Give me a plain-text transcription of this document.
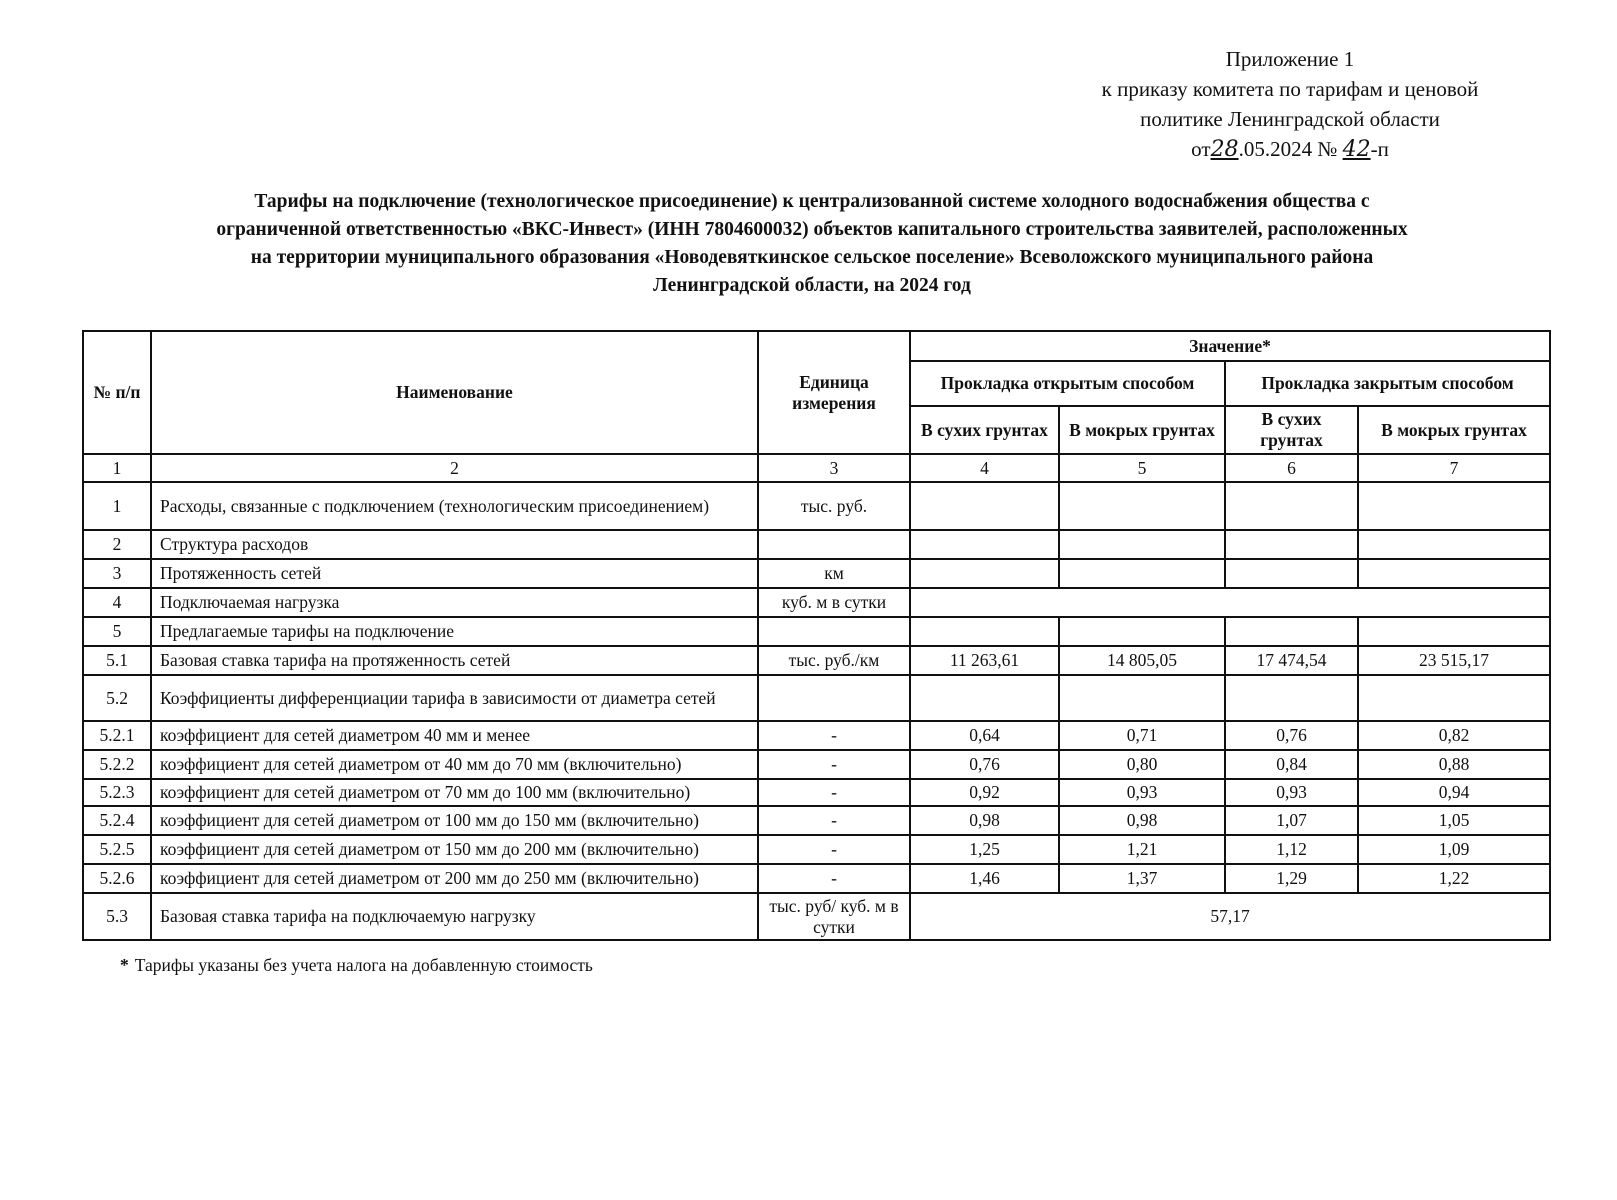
Приложение 1
к приказу комитета по тарифам и ценовой
политике Ленинградской области
от28.05.2024 № 42-п
Тарифы на подключение (технологическое присоединение) к централизованной системе холодного водоснабжения общества с
ограниченной ответственностью «ВКС-Инвест» (ИНН 7804600032) объектов капитального строительства заявителей, расположенных
на территории муниципального образования «Новодевяткинское сельское поселение» Всеволожского муниципального района
Ленинградской области, на 2024 год
№ п/п	Наименование	Единица измерения	Значение*			
			Прокладка открытым способом		Прокладка закрытым способом	
			В сухих грунтах	В мокрых грунтах	В сухих грунтах	В мокрых грунтах
1	2	3	4	5	6	7
1	Расходы, связанные с подключением (технологическим присоединением)	тыс. руб.				
2	Структура расходов					
3	Протяженность сетей	км				
4	Подключаемая нагрузка	куб. м в сутки				
5	Предлагаемые тарифы на подключение					
5.1	Базовая ставка тарифа на протяженность сетей	тыс. руб./км	11 263,61	14 805,05	17 474,54	23 515,17
5.2	Коэффициенты дифференциации тарифа в зависимости от диаметра сетей					
5.2.1	коэффициент для сетей диаметром 40 мм и менее	-	0,64	0,71	0,76	0,82
5.2.2	коэффициент для сетей диаметром от 40 мм до 70 мм (включительно)	-	0,76	0,80	0,84	0,88
5.2.3	коэффициент для сетей диаметром от 70 мм до 100 мм (включительно)	-	0,92	0,93	0,93	0,94
5.2.4	коэффициент для сетей диаметром от 100 мм до 150 мм (включительно)	-	0,98	0,98	1,07	1,05
5.2.5	коэффициент для сетей диаметром от 150 мм до 200 мм (включительно)	-	1,25	1,21	1,12	1,09
5.2.6	коэффициент для сетей диаметром от 200 мм до 250 мм (включительно)	-	1,46	1,37	1,29	1,22
5.3	Базовая ставка тарифа на подключаемую нагрузку	тыс. руб/ куб. м в сутки	57,17			
* Тарифы указаны без учета налога на добавленную стоимость
